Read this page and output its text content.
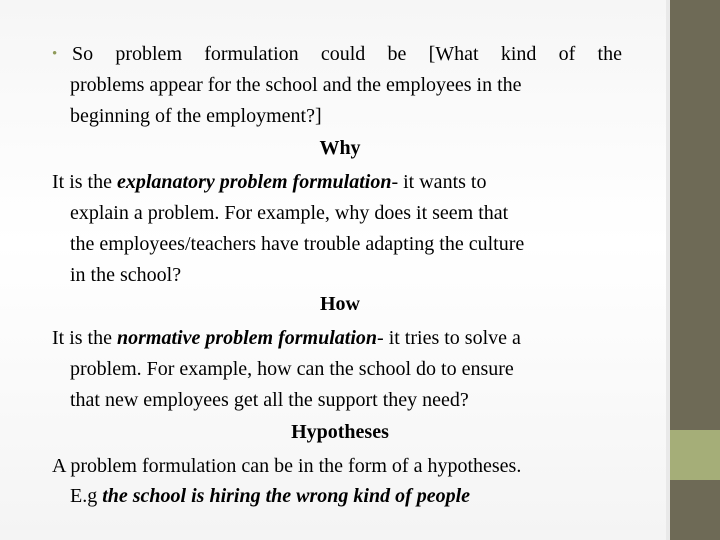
• So problem formulation could be [What kind of the
problems appear for the school and the employees in the
beginning of the employment?]
Why
It is the explanatory problem formulation- it wants to
explain a problem. For example, why does it seem that
the employees/teachers have trouble adapting the culture
in the school?
How
It is the normative problem formulation- it tries to solve a
problem. For example, how can the school do to ensure
that new employees get all the support they need?
Hypotheses
A problem formulation can be in the form of a hypotheses.
E.g the school is hiring the wrong kind of people
